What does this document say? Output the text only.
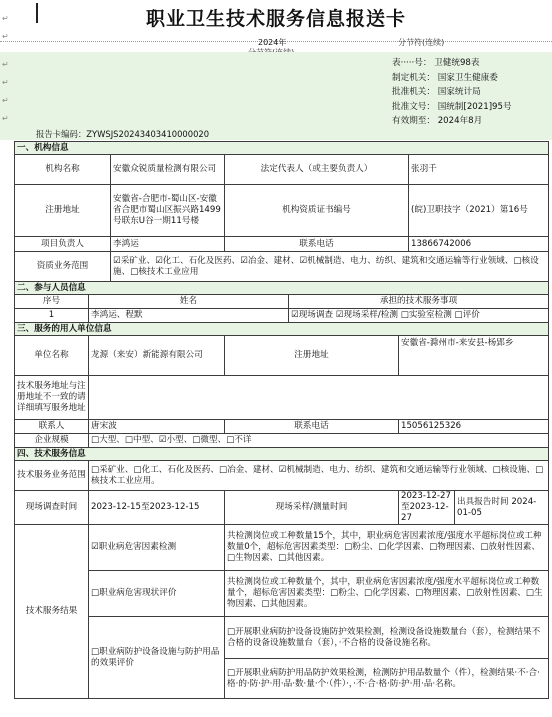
职业卫生技术服务信息报送卡
↵
↵
2024年	分节符(连续)
表·····号： 卫健统98表
制定机关： 国家卫生健康委
批准机关： 国家统计局
批准文号： 国统制[2021]95号
有效期至： 2024年8月
↵
↵
↵
↵
报告卡编码：ZYWSJS20243403410000020
一、机构信息							
机构名称		安徽众锐质量检测有限公司	法定代表人（或主要负责人）			张羽千	
注册地址		安徽省-合肥市-蜀山区-安徽省合肥市蜀山区振兴路1499号联东U谷一期11号楼	机构资质证书编号			(皖)卫职技字（2021）第16号	
项目负责人		李鸿运	联系电话			13866742006	
资质业务范围		☑采矿业、☑化工、石化及医药、☑冶金、建材、☑机械制造、电力、纺织、建筑和交通运输等行业领域、□核设施、□核技术工业应用					
二、参与人员信息							
序号	姓名			承担的技术服务事项			
1	李鸿运、程默			☑现场调查 ☑现场采样/检测 □实验室检测 □评价			
三、服务的用人单位信息							
单位名称	龙源（来安）新能源有限公司		注册地址		安徽省-滁州市-来安县-杨郢乡		
技术服务地址与注册地址不一致的请详细填写服务地址							
联系人	唐宋波		联系电话		15056125326		
企业规模	□大型、□中型、☑小型、□微型、□不详						
四、技术服务信息							
技术服务业务范围	□采矿业、□化工、石化及医药、□冶金、建材、☑机械制造、电力、纺织、建筑和交通运输等行业领域、□核设施、□核技术工业应用。						
现场调查时间	2023-12-15至2023-12-15		现场采样/测量时间		2023-12-27至2023-12-27		出具报告时间 2024-01-05
技术服务结果	☑职业病危害因素检测		共检测岗位或工种数量15个，其中，职业病危害因素浓度/强度水平超标岗位或工种数量0个，超标危害因素类型：□粉尘、□化学因素、□物理因素、□放射性因素、□生物因素、□其他因素。				
	□职业病危害现状评价		共检测岗位或工种数量个，其中，职业病危害因素浓度/强度水平超标岗位或工种数量个，超标危害因素类型：□粉尘、□化学因素、□物理因素、□放射性因素、□生物因素、□其他因素。				
	□职业病防护设备设施与防护用品的效果评价		□开展职业病防护设备设施防护效果检测，检测设备设施数量台（套），检测结果不合格的设备设施数量台（套），·不合格的设备设施名称。				
			□开展职业病防护用品防护效果检测，检测防护用品数量个（件），检测结果·不·合·格·的·防·护·用·品·数·量·个·（件）·，·不·合·格·防·护·用·品·名称。				
